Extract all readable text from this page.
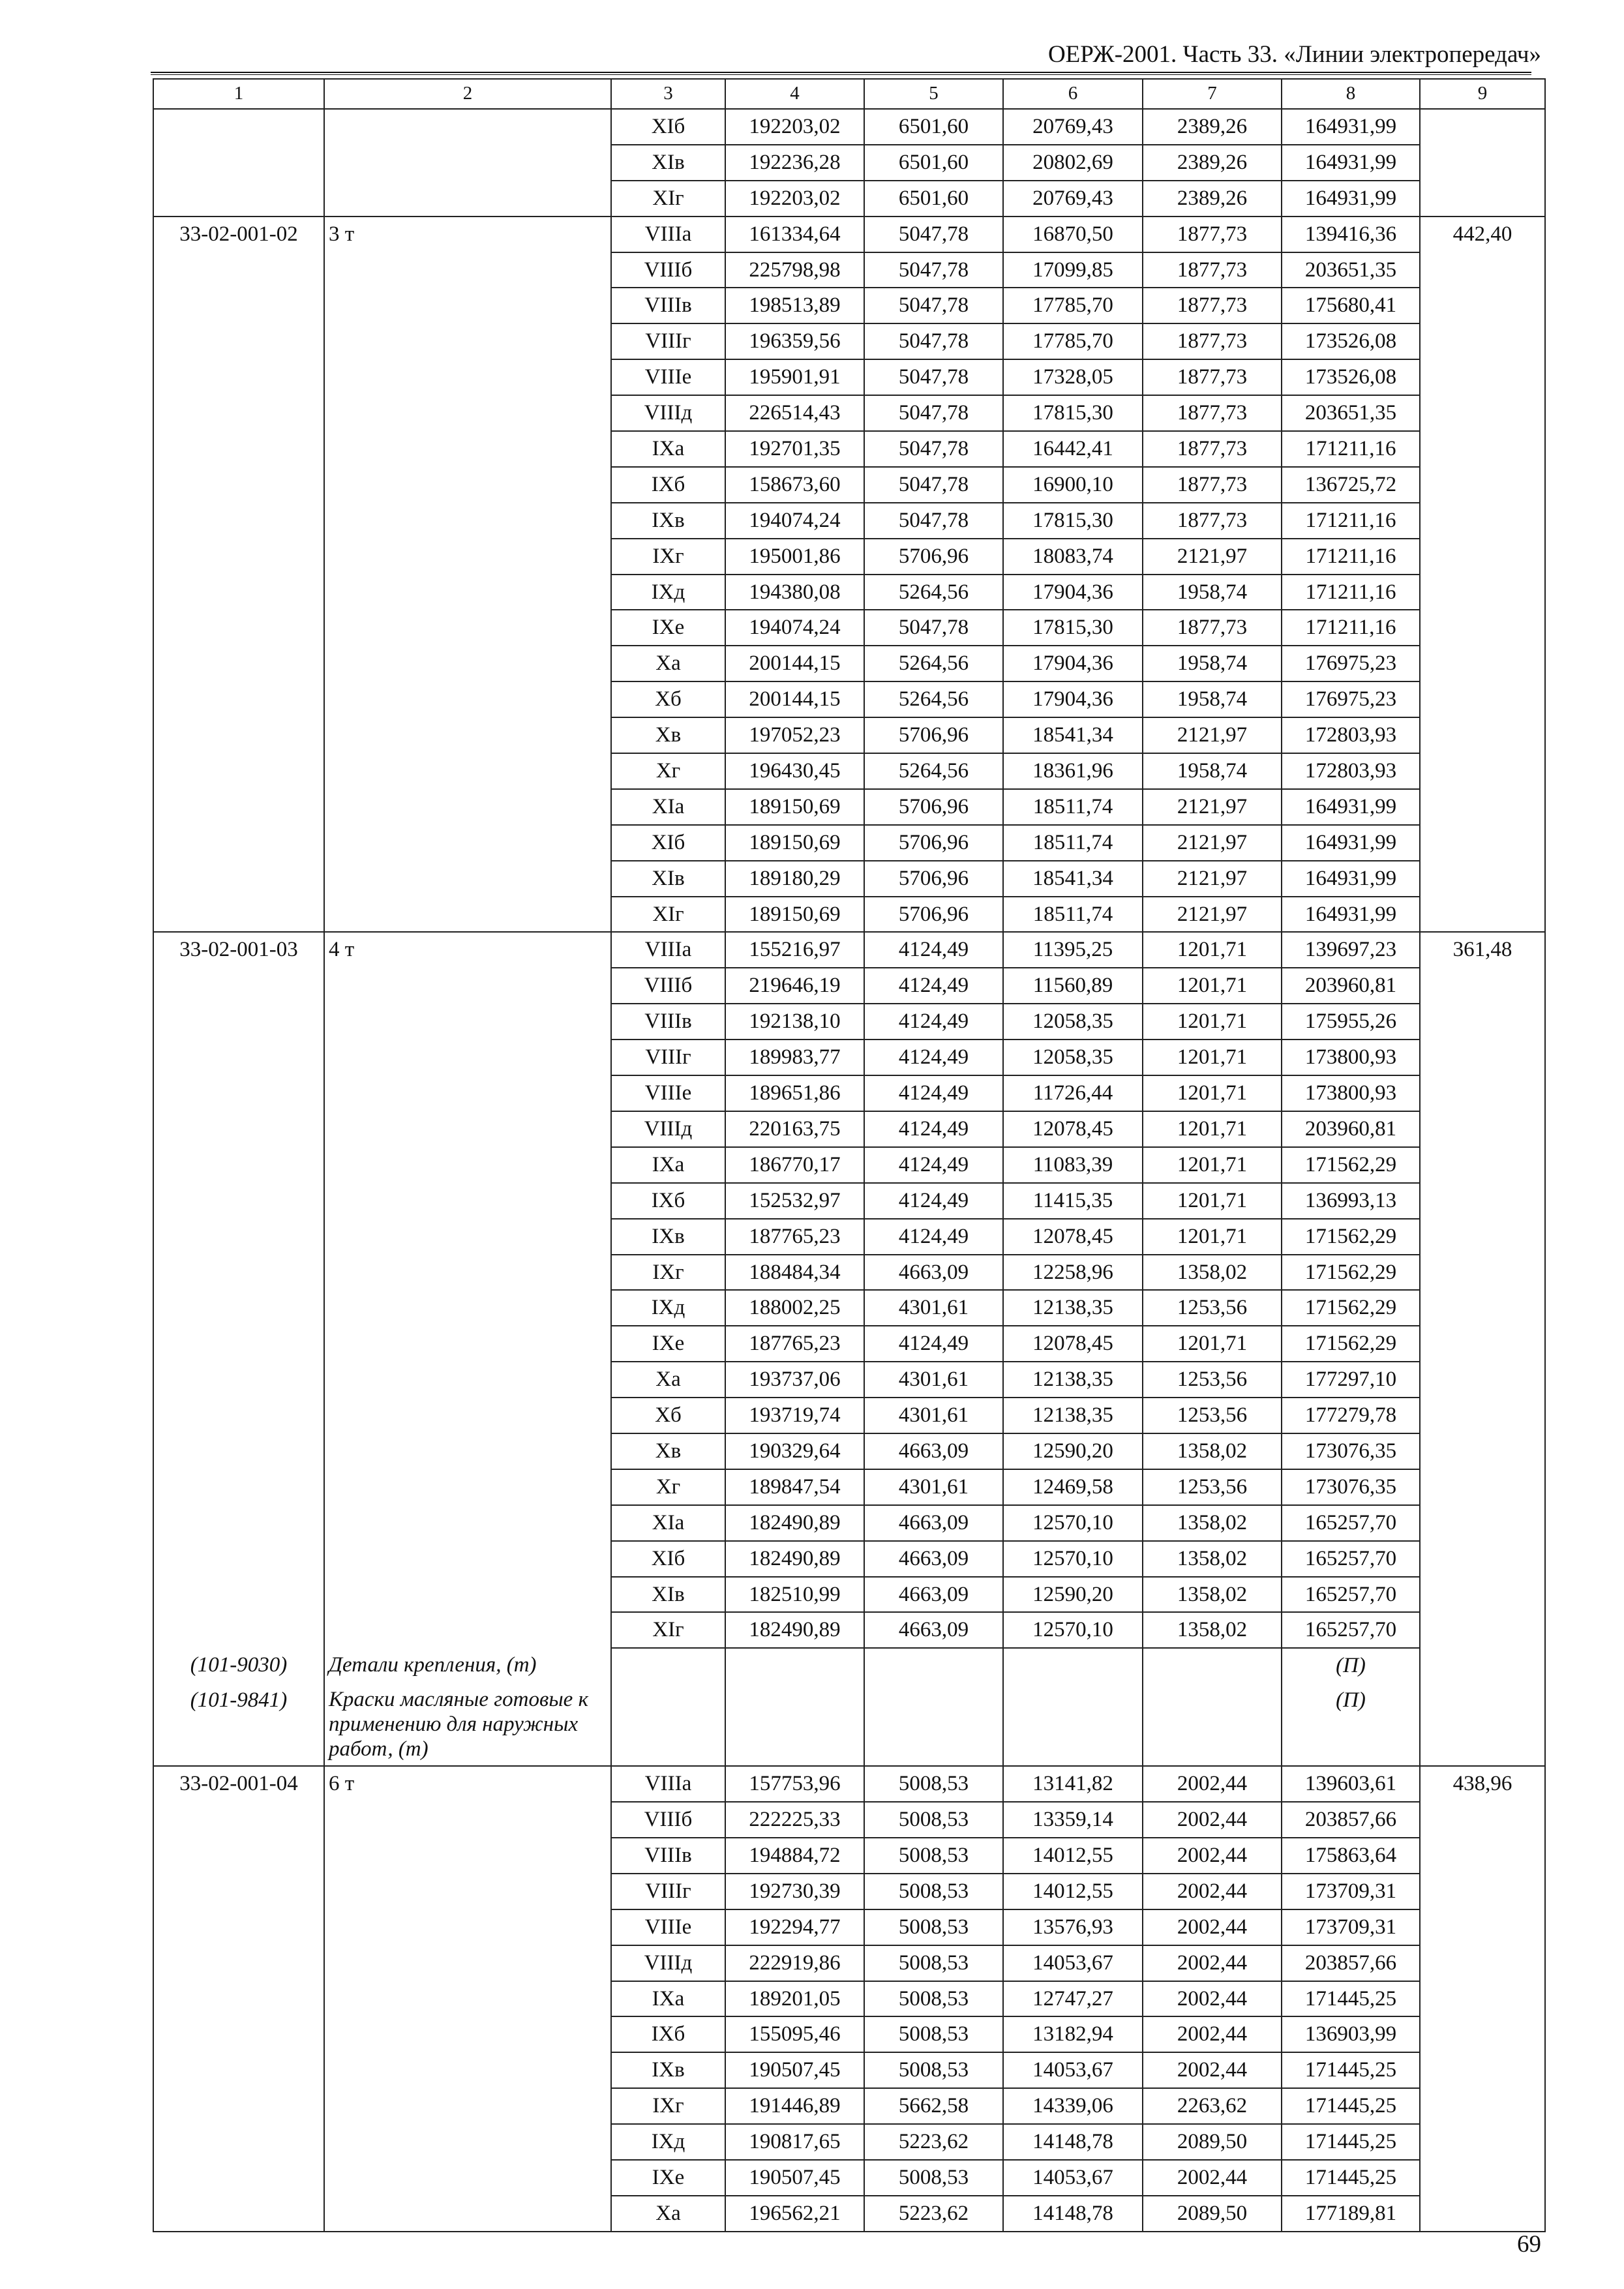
ОЕРЖ-2001. Часть 33. «Линии электропередач»
1	2	3	4	5	6	7	8	9
		XIб	192203,02	6501,60	20769,43	2389,26	164931,99	
		XIв	192236,28	6501,60	20802,69	2389,26	164931,99	
		XIг	192203,02	6501,60	20769,43	2389,26	164931,99	
33-02-001-02	3 т	VIIIа	161334,64	5047,78	16870,50	1877,73	139416,36	442,40
		VIIIб	225798,98	5047,78	17099,85	1877,73	203651,35	
		VIIIв	198513,89	5047,78	17785,70	1877,73	175680,41	
		VIIIг	196359,56	5047,78	17785,70	1877,73	173526,08	
		VIIIe	195901,91	5047,78	17328,05	1877,73	173526,08	
		VIIIд	226514,43	5047,78	17815,30	1877,73	203651,35	
		IXа	192701,35	5047,78	16442,41	1877,73	171211,16	
		IXб	158673,60	5047,78	16900,10	1877,73	136725,72	
		IXв	194074,24	5047,78	17815,30	1877,73	171211,16	
		IXг	195001,86	5706,96	18083,74	2121,97	171211,16	
		IXд	194380,08	5264,56	17904,36	1958,74	171211,16	
		IXе	194074,24	5047,78	17815,30	1877,73	171211,16	
		Xа	200144,15	5264,56	17904,36	1958,74	176975,23	
		Xб	200144,15	5264,56	17904,36	1958,74	176975,23	
		Xв	197052,23	5706,96	18541,34	2121,97	172803,93	
		Xг	196430,45	5264,56	18361,96	1958,74	172803,93	
		XIа	189150,69	5706,96	18511,74	2121,97	164931,99	
		XIб	189150,69	5706,96	18511,74	2121,97	164931,99	
		XIв	189180,29	5706,96	18541,34	2121,97	164931,99	
		XIг	189150,69	5706,96	18511,74	2121,97	164931,99	
33-02-001-03	4 т	VIIIа	155216,97	4124,49	11395,25	1201,71	139697,23	361,48
		VIIIб	219646,19	4124,49	11560,89	1201,71	203960,81	
		VIIIв	192138,10	4124,49	12058,35	1201,71	175955,26	
		VIIIг	189983,77	4124,49	12058,35	1201,71	173800,93	
		VIIIе	189651,86	4124,49	11726,44	1201,71	173800,93	
		VIIIд	220163,75	4124,49	12078,45	1201,71	203960,81	
		IXа	186770,17	4124,49	11083,39	1201,71	171562,29	
		IXб	152532,97	4124,49	11415,35	1201,71	136993,13	
		IXв	187765,23	4124,49	12078,45	1201,71	171562,29	
		IXг	188484,34	4663,09	12258,96	1358,02	171562,29	
		IXд	188002,25	4301,61	12138,35	1253,56	171562,29	
		IXе	187765,23	4124,49	12078,45	1201,71	171562,29	
		Xа	193737,06	4301,61	12138,35	1253,56	177297,10	
		Xб	193719,74	4301,61	12138,35	1253,56	177279,78	
		Xв	190329,64	4663,09	12590,20	1358,02	173076,35	
		Xг	189847,54	4301,61	12469,58	1253,56	173076,35	
		XIа	182490,89	4663,09	12570,10	1358,02	165257,70	
		XIб	182490,89	4663,09	12570,10	1358,02	165257,70	
		XIв	182510,99	4663,09	12590,20	1358,02	165257,70	
		XIг	182490,89	4663,09	12570,10	1358,02	165257,70	
(101-9030)	Детали крепления, (т)						(П)	
(101-9841)	Краски масляные готовые к применению для наружных работ, (т)						(П)	
33-02-001-04	6 т	VIIIа	157753,96	5008,53	13141,82	2002,44	139603,61	438,96
		VIIIб	222225,33	5008,53	13359,14	2002,44	203857,66	
		VIIIв	194884,72	5008,53	14012,55	2002,44	175863,64	
		VIIIг	192730,39	5008,53	14012,55	2002,44	173709,31	
		VIIIе	192294,77	5008,53	13576,93	2002,44	173709,31	
		VIIIд	222919,86	5008,53	14053,67	2002,44	203857,66	
		IXа	189201,05	5008,53	12747,27	2002,44	171445,25	
		IXб	155095,46	5008,53	13182,94	2002,44	136903,99	
		IXв	190507,45	5008,53	14053,67	2002,44	171445,25	
		IXг	191446,89	5662,58	14339,06	2263,62	171445,25	
		IXд	190817,65	5223,62	14148,78	2089,50	171445,25	
		IXе	190507,45	5008,53	14053,67	2002,44	171445,25	
		Xа	196562,21	5223,62	14148,78	2089,50	177189,81	
69
